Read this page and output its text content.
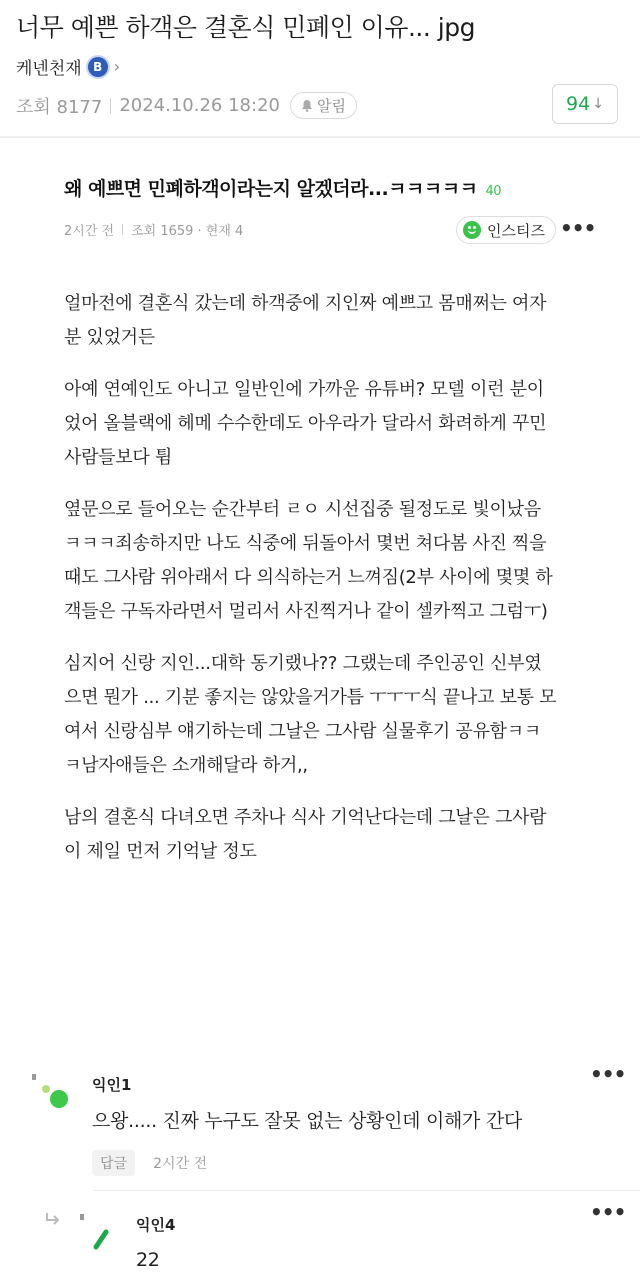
너무 예쁜 하객은 결혼식 민폐인 이유... jpg
케넨천재 B ›
조회 8177 2024.10.26 18:20 알림	94 ↓
왜 예쁘면 민폐하객이라는지 알겠더라...ㅋㅋㅋㅋㅋ 40
2시간 전 조회 1659 · 현재 4	인스티즈 •••

얼마전에 결혼식 갔는데 하객중에 지인짜 예쁘고 몸매쩌는 여자
분 있었거든

아예 연예인도 아니고 일반인에 가까운 유튜버? 모델 이런 분이
었어 올블랙에 헤메 수수한데도 아우라가 달라서 화려하게 꾸민
사람들보다 튐

옆문으로 들어오는 순간부터 ㄹㅇ 시선집중 될정도로 빛이났음
ㅋㅋㅋ죄송하지만 나도 식중에 뒤돌아서 몇번 쳐다봄 사진 찍을
때도 그사람 위아래서 다 의식하는거 느껴짐(2부 사이에 몇몇 하
객들은 구독자라면서 멀리서 사진찍거나 같이 셀카찍고 그럼ㅜ)

심지어 신랑 지인...대학 동기랬나?? 그랬는데 주인공인 신부였
으면 뭔가 ... 기분 좋지는 않았을거가틈 ㅜㅜㅜ식 끝나고 보통 모
여서 신랑심부 얘기하는데 그날은 그사람 실물후기 공유함ㅋㅋ
ㅋ남자애들은 소개해달라 하거,,

남의 결혼식 다녀오면 주차나 식사 기억난다는데 그날은 그사람
이 제일 먼저 기억날 정도

익인1	•••
으왕..... 진짜 누구도 잘못 없는 상황인데 이해가 간다
답글	2시간 전
익인4
•••
22
